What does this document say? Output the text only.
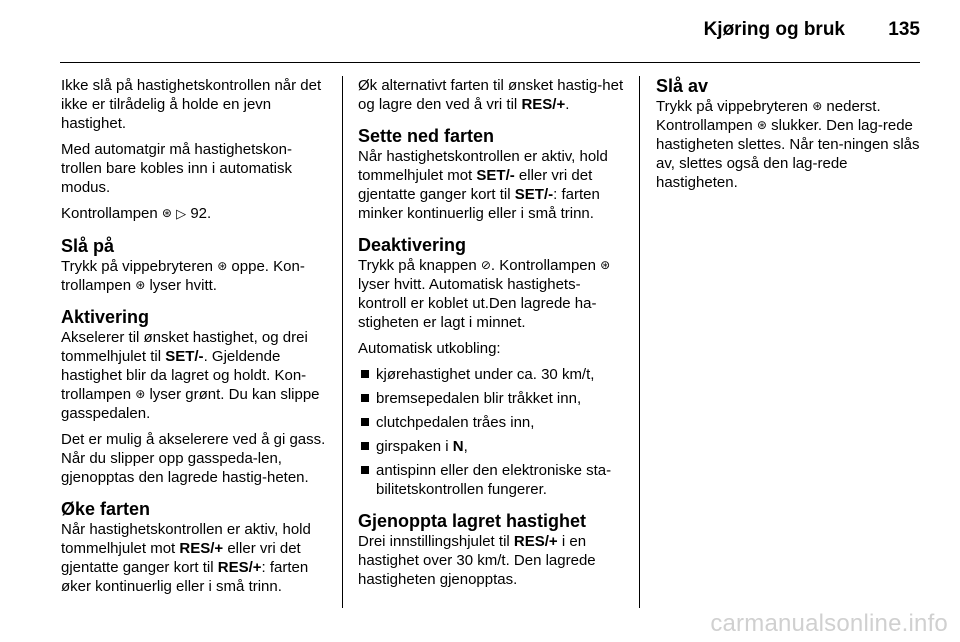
Kjøring og bruk 135

Ikke slå på hastighetskontrollen når det ikke er tilrådelig å holde en jevn hastighet.

Med automatgir må hastighetskon-trollen bare kobles inn i automatisk modus.

Kontrollampen ⊛ ▷ 92.

Slå på

Trykk på vippebryteren ⊛ oppe. Kon-trollampen ⊛ lyser hvitt.

Aktivering

Akselerer til ønsket hastighet, og drei tommelhjulet til SET/-. Gjeldende hastighet blir da lagret og holdt. Kon-trollampen ⊛ lyser grønt. Du kan slippe gasspedalen.

Det er mulig å akselerere ved å gi gass. Når du slipper opp gasspeda-len, gjenopptas den lagrede hastig-heten.

Øke farten

Når hastighetskontrollen er aktiv, hold tommelhjulet mot RES/+ eller vri det gjentatte ganger kort til RES/+: farten øker kontinuerlig eller i små trinn.

Øk alternativt farten til ønsket hastig-het og lagre den ved å vri til RES/+.

Sette ned farten

Når hastighetskontrollen er aktiv, hold tommelhjulet mot SET/- eller vri det gjentatte ganger kort til SET/-: farten minker kontinuerlig eller i små trinn.

Deaktivering

Trykk på knappen ⊘. Kontrollampen ⊛ lyser hvitt. Automatisk hastighets-kontroll er koblet ut.Den lagrede ha-stigheten er lagt i minnet.

Automatisk utkobling:

kjørehastighet under ca. 30 km/t,
bremsepedalen blir tråkket inn,
clutchpedalen tråes inn,
girspaken i N,
antispinn eller den elektroniske sta-bilitetskontrollen fungerer.
Gjenoppta lagret hastighet

Drei innstillingshjulet til RES/+ i en hastighet over 30 km/t. Den lagrede hastigheten gjenopptas.

Slå av

Trykk på vippebryteren ⊛ nederst. Kontrollampen ⊛ slukker. Den lag-rede hastigheten slettes. Når ten-ningen slås av, slettes også den lag-rede hastigheten.

carmanualsonline.info
